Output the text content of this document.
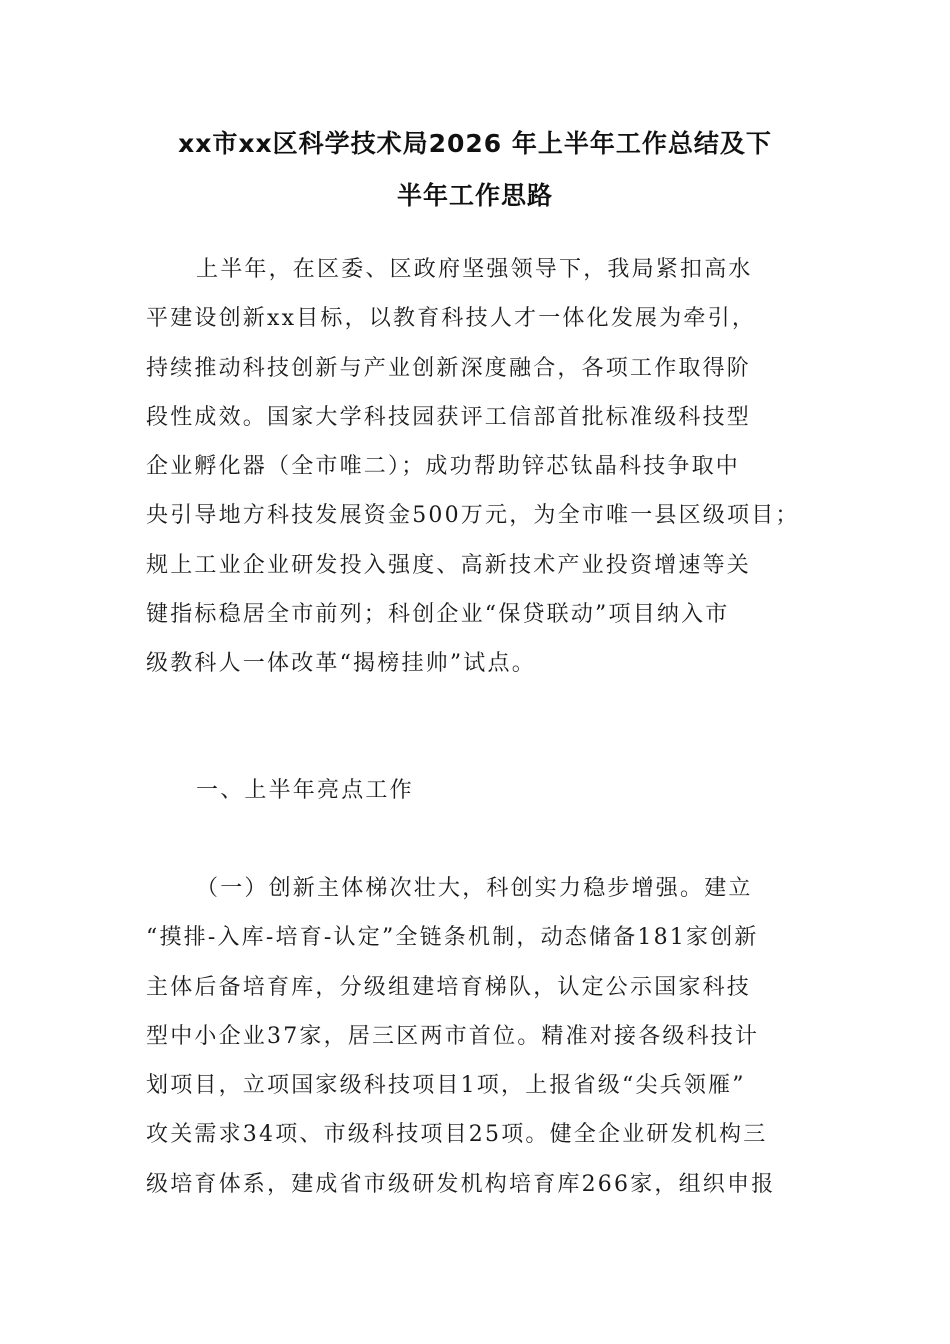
xx市xx区科学技术局2026 年上半年工作总结及下
半年工作思路
上半年，在区委、区政府坚强领导下，我局紧扣高水
平建设创新xx目标，以教育科技人才一体化发展为牵引，
持续推动科技创新与产业创新深度融合，各项工作取得阶
段性成效。国家大学科技园获评工信部首批标准级科技型
企业孵化器（全市唯二）；成功帮助锌芯钛晶科技争取中
央引导地方科技发展资金500万元，为全市唯一县区级项目；
规上工业企业研发投入强度、高新技术产业投资增速等关
键指标稳居全市前列；科创企业“保贷联动”项目纳入市
级教科人一体改革“揭榜挂帅”试点。
一、上半年亮点工作
（一）创新主体梯次壮大，科创实力稳步增强。建立
“摸排-入库-培育-认定”全链条机制，动态储备181家创新
主体后备培育库，分级组建培育梯队，认定公示国家科技
型中小企业37家，居三区两市首位。精准对接各级科技计
划项目，立项国家级科技项目1项，上报省级“尖兵领雁”
攻关需求34项、市级科技项目25项。健全企业研发机构三
级培育体系，建成省市级研发机构培育库266家，组织申报
